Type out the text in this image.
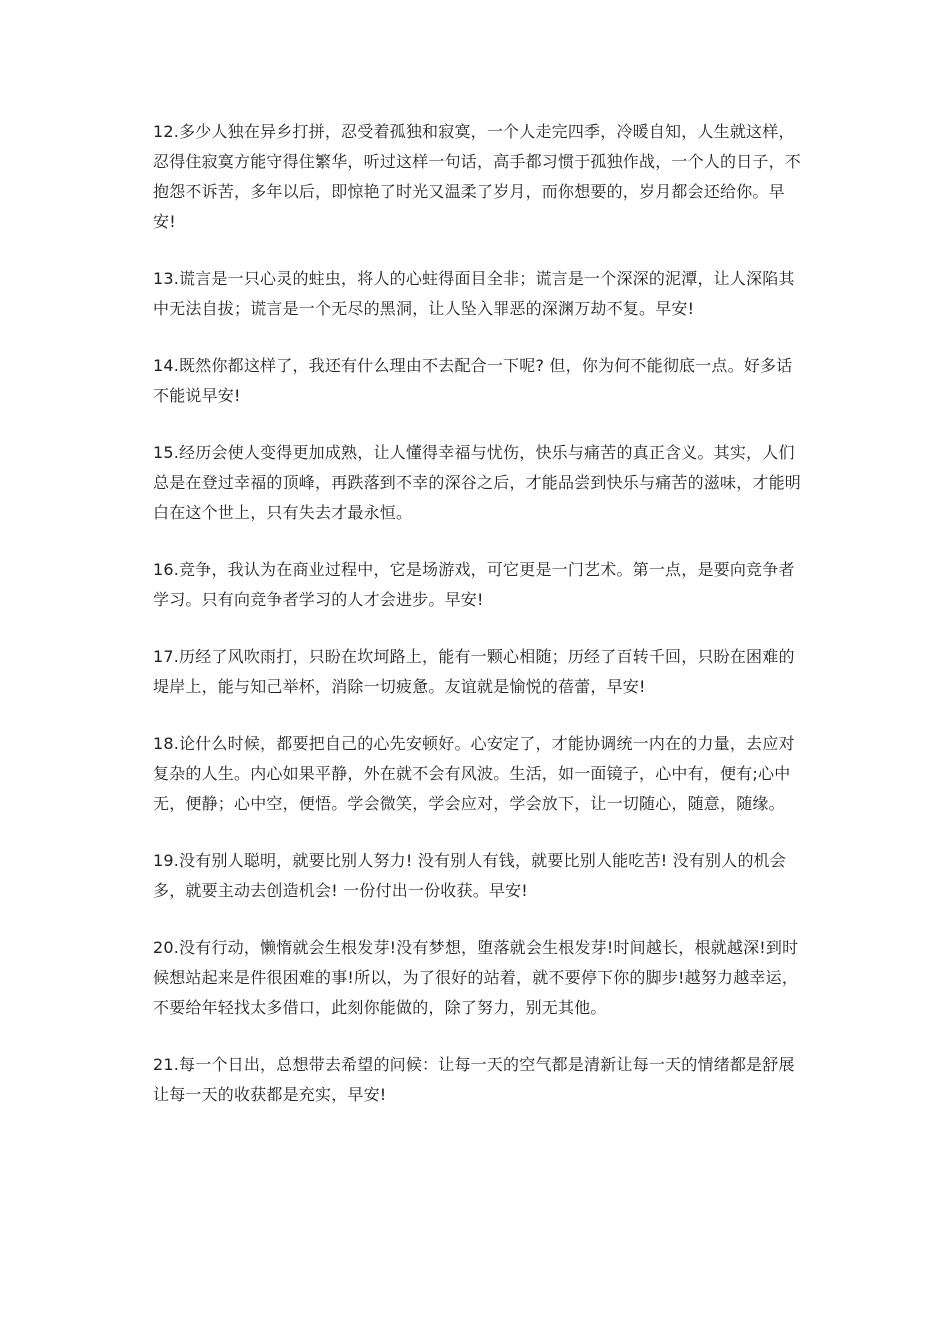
12.多少人独在异乡打拼，忍受着孤独和寂寞，一个人走完四季，冷暖自知，人生就这样，忍得住寂寞方能守得住繁华，听过这样一句话，高手都习惯于孤独作战，一个人的日子，不抱怨不诉苦，多年以后，即惊艳了时光又温柔了岁月，而你想要的，岁月都会还给你。早安!

13.谎言是一只心灵的蛀虫，将人的心蛀得面目全非；谎言是一个深深的泥潭，让人深陷其中无法自拔；谎言是一个无尽的黑洞，让人坠入罪恶的深渊万劫不复。早安!

14.既然你都这样了，我还有什么理由不去配合一下呢? 但，你为何不能彻底一点。好多话不能说早安!

15.经历会使人变得更加成熟，让人懂得幸福与忧伤，快乐与痛苦的真正含义。其实，人们总是在登过幸福的顶峰，再跌落到不幸的深谷之后，才能品尝到快乐与痛苦的滋味，才能明白在这个世上，只有失去才最永恒。

16.竞争，我认为在商业过程中，它是场游戏，可它更是一门艺术。第一点，是要向竞争者学习。只有向竞争者学习的人才会进步。早安!

17.历经了风吹雨打，只盼在坎坷路上，能有一颗心相随；历经了百转千回，只盼在困难的堤岸上，能与知己举杯，消除一切疲惫。友谊就是愉悦的蓓蕾，早安!

18.论什么时候，都要把自己的心先安顿好。心安定了，才能协调统一内在的力量，去应对复杂的人生。内心如果平静，外在就不会有风波。生活，如一面镜子，心中有，便有;心中无，便静；心中空，便悟。学会微笑，学会应对，学会放下，让一切随心，随意，随缘。

19.没有别人聪明，就要比别人努力! 没有别人有钱，就要比别人能吃苦! 没有别人的机会多，就要主动去创造机会! 一份付出一份收获。早安!

20.没有行动，懒惰就会生根发芽!没有梦想，堕落就会生根发芽!时间越长，根就越深!到时候想站起来是件很困难的事!所以，为了很好的站着，就不要停下你的脚步!越努力越幸运，不要给年轻找太多借口，此刻你能做的，除了努力，别无其他。

21.每一个日出，总想带去希望的问候：让每一天的空气都是清新让每一天的情绪都是舒展让每一天的收获都是充实，早安!
